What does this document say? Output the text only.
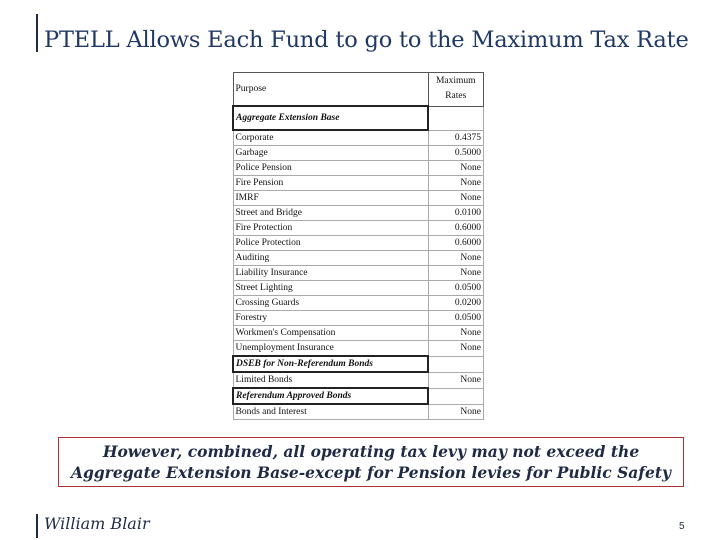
PTELL Allows Each Fund to go to the Maximum Tax Rate
Purpose	Maximum
Rates
Aggregate Extension Base	
Corporate	0.4375
Garbage	0.5000
Police Pension	None
Fire Pension	None
IMRF	None
Street and Bridge	0.0100
Fire Protection	0.6000
Police Protection	0.6000
Auditing	None
Liability Insurance	None
Street Lighting	0.0500
Crossing Guards	0.0200
Forestry	0.0500
Workmen's Compensation	None
Unemployment Insurance	None
DSEB for Non-Referendum Bonds	
Limited Bonds	None
Referendum Approved Bonds	
Bonds and Interest	None
However, combined, all operating tax levy may not exceed the
Aggregate Extension Base-except for Pension levies for Public Safety
William Blair	5
